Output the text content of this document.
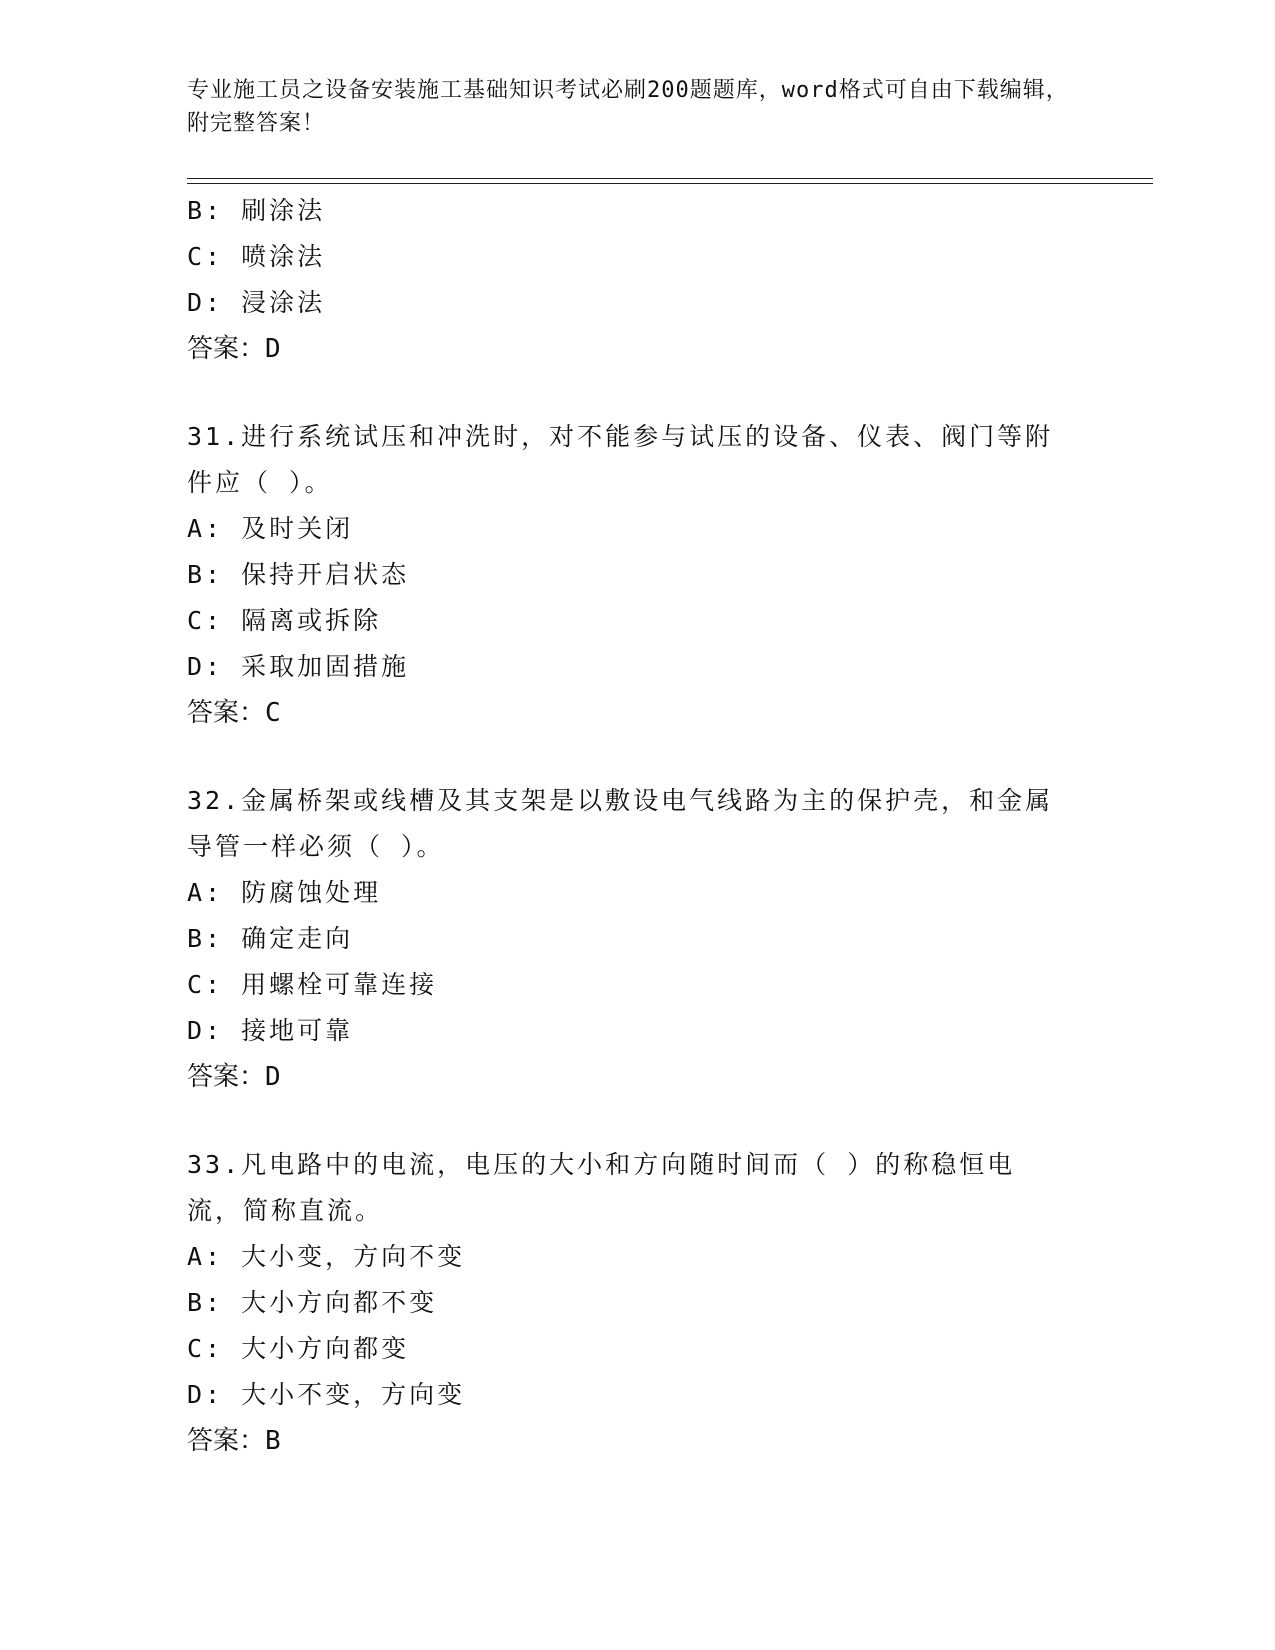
专业施工员之设备安装施工基础知识考试必刷200题题库，word格式可自由下载编辑，附完整答案！
B: 刷涂法
C: 喷涂法
D: 浸涂法
答案：D
31.进行系统试压和冲洗时，对不能参与试压的设备、仪表、阀门等附件应（ ）。
A: 及时关闭
B: 保持开启状态
C: 隔离或拆除
D: 采取加固措施
答案：C
32.金属桥架或线槽及其支架是以敷设电气线路为主的保护壳，和金属导管一样必须（ ）。
A: 防腐蚀处理
B: 确定走向
C: 用螺栓可靠连接
D: 接地可靠
答案：D
33.凡电路中的电流，电压的大小和方向随时间而（ ）的称稳恒电流，简称直流。
A: 大小变，方向不变
B: 大小方向都不变
C: 大小方向都变
D: 大小不变，方向变
答案：B
